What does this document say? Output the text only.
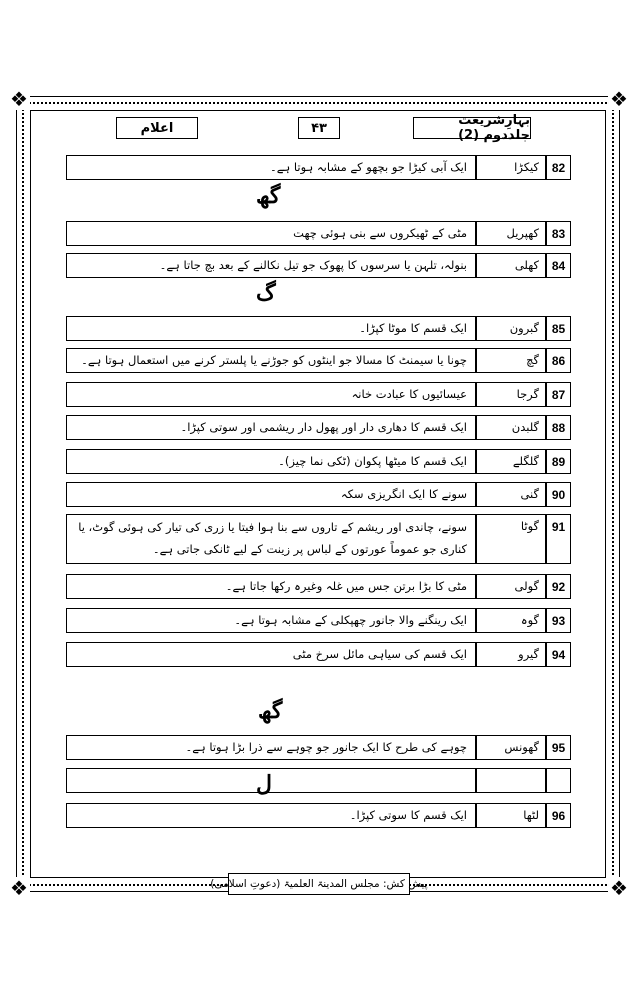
❖	❖
❖	❖
بہارِشریعت جلددوم (2)
۴۳
اعلام
82
کیکڑا
ایک آبی کیڑا جو بچھو کے مشابہ ہوتا ہے۔
گھ
83
کھپریل
مٹی کے ٹھیکروں سے بنی ہوئی چھت
84
کھلی
بنولہ، تلہن یا سرسوں کا پھوک جو تیل نکالنے کے بعد بچ جاتا ہے۔
گ
85
گبرون
ایک قسم کا موٹا کپڑا۔
86
گچ
چونا یا سیمنٹ کا مسالا جو اینٹوں کو جوڑنے یا پلستر کرنے میں استعمال ہوتا ہے۔
87
گرجا
عیسائیوں کا عبادت خانہ
88
گلبدن
ایک قسم کا دھاری دار اور پھول دار ریشمی اور سوتی کپڑا۔
89
گلگلے
ایک قسم کا میٹھا پکوان (ٹکی نما چیز)۔
90
گنی
سونے کا ایک انگریزی سکہ
91
گوٹا
سونے، چاندی اور ریشم کے تاروں سے بنا ہوا فیتا یا زری کی تیار کی ہوئی گوٹ، یا کناری جو عموماً عورتوں کے لباس پر زینت کے لیے ٹانکی جاتی ہے۔
92
گولی
مٹی کا بڑا برتن جس میں غلہ وغیرہ رکھا جاتا ہے۔
93
گوہ
ایک رینگنے والا جانور چھپکلی کے مشابہ ہوتا ہے۔
94
گیرو
ایک قسم کی سیاہی مائل سرخ مٹی
گھ
95
گھونس
چوہے کی طرح کا ایک جانور جو چوہے سے ذرا بڑا ہوتا ہے۔
ل
96
لٹھا
ایک قسم کا سوتی کپڑا۔
پیش کش: مجلس المدینۃ العلمیۃ (دعوتِ اسلامی)
